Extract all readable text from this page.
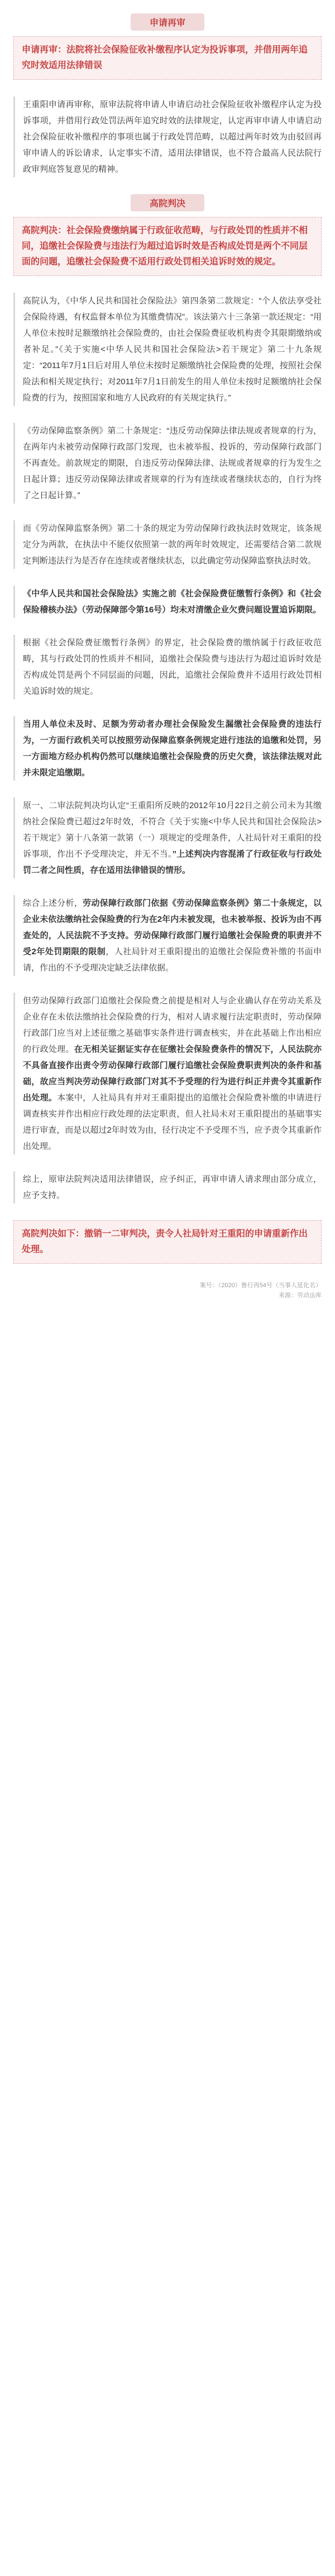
申请再审
申请再审：法院将社会保险征收补缴程序认定为投诉事项，并借用两年追究时效适用法律错误

王重阳申请再审称，原审法院将申请人申请启动社会保险征收补缴程序认定为投诉事项，并借用行政处罚法两年追究时效的法律规定，认定再审申请人申请启动社会保险征收补缴程序的事项也属于行政处罚范畴，以超过两年时效为由驳回再审申请人的诉讼请求，认定事实不清，适用法律错误，也不符合最高人民法院行政审判庭答复意见的精神。

高院判决
高院判决：社会保险费缴纳属于行政征收范畴，与行政处罚的性质并不相同，追缴社会保险费与违法行为超过追诉时效是否构成处罚是两个不同层面的问题，追缴社会保险费不适用行政处罚相关追诉时效的规定。

高院认为，《中华人民共和国社会保险法》第四条第二款规定：“个人依法享受社会保险待遇，有权监督本单位为其缴费情况”。该法第六十三条第一款还规定：“用人单位未按时足额缴纳社会保险费的，由社会保险费征收机构责令其限期缴纳或者补足。”《关于实施<中华人民共和国社会保险法>若干规定》第二十九条规定：“2011年7月1日后对用人单位未按时足额缴纳社会保险费的处理，按照社会保险法和相关规定执行；对2011年7月1日前发生的用人单位未按时足额缴纳社会保险费的行为，按照国家和地方人民政府的有关规定执行。”

《劳动保障监察条例》第二十条规定：“违反劳动保障法律法规或者规章的行为，在两年内未被劳动保障行政部门发现，也未被举报、投诉的，劳动保障行政部门不再查处。前款规定的期限，自违反劳动保障法律、法规或者规章的行为发生之日起计算；违反劳动保障法律或者规章的行为有连续或者继续状态的，自行为终了之日起计算。”

而《劳动保障监察条例》第二十条的规定为劳动保障行政执法时效规定，该条规定分为两款，在执法中不能仅依照第一款的两年时效规定，还需要结合第二款规定判断违法行为是否存在连续或者继续状态，以此确定劳动保障监察执法时效。

《中华人民共和国社会保险法》实施之前《社会保险费征缴暂行条例》和《社会保险稽核办法》（劳动保障部令第16号）均未对清缴企业欠费问题设置追诉期限。

根据《社会保险费征缴暂行条例》的界定，社会保险费的缴纳属于行政征收范畴，其与行政处罚的性质并不相同，追缴社会保险费与违法行为超过追诉时效是否构成处罚是两个不同层面的问题，因此，追缴社会保险费并不适用行政处罚相关追诉时效的规定。

当用人单位未及时、足额为劳动者办理社会保险发生漏缴社会保险费的违法行为，一方面行政机关可以按照劳动保障监察条例规定进行违法的追缴和处罚，另一方面地方经办机构仍然可以继续追缴社会保险费的历史欠费，该法律法规对此并未限定追缴期。

原一、二审法院判决均认定“王重阳所反映的2012年10月22日之前公司未为其缴纳社会保险费已超过2年时效，不符合《关于实施<中华人民共和国社会保险法>若干规定》第十八条第一款第（一）项规定的受理条件，人社局针对王重阳的投诉事项，作出不予受理决定，并无不当。”上述判决内容混淆了行政征收与行政处罚二者之间性质，存在适用法律错误的情形。

综合上述分析，劳动保障行政部门依据《劳动保障监察条例》第二十条规定，以企业未依法缴纳社会保险费的行为在2年内未被发现，也未被举报、投诉为由不再查处的，人民法院不予支持。劳动保障行政部门履行追缴社会保险费的职责并不受2年处罚期限的限制，人社局针对王重阳提出的追缴社会保险费补缴的书面申请，作出的不予受理决定缺乏法律依据。

但劳动保障行政部门追缴社会保险费之前提是相对人与企业确认存在劳动关系及企业存在未依法缴纳社会保险费的行为，相对人请求履行法定职责时，劳动保障行政部门应当对上述征缴之基础事实条件进行调查核实，并在此基础上作出相应的行政处理。在无相关证据证实存在征缴社会保险费条件的情况下，人民法院亦不具备直接作出责令劳动保障行政部门履行追缴社会保险费职责判决的条件和基础，故应当判决劳动保障行政部门对其不予受理的行为进行纠正并责令其重新作出处理。本案中，人社局具有并对王重阳提出的追缴社会保险费补缴的申请进行调查核实并作出相应行政处理的法定职责，但人社局未对王重阳提出的基础事实进行审查，而是以超过2年时效为由，径行决定不予受理不当，应予责令其重新作出处理。

综上，原审法院判决适用法律错误，应予纠正，再审申请人请求理由部分成立，应予支持。

高院判决如下：撤销一二审判决，责令人社局针对王重阳的申请重新作出处理。
案号：（2020）鲁行再54号（当事人延化名）
来源：劳动法库
